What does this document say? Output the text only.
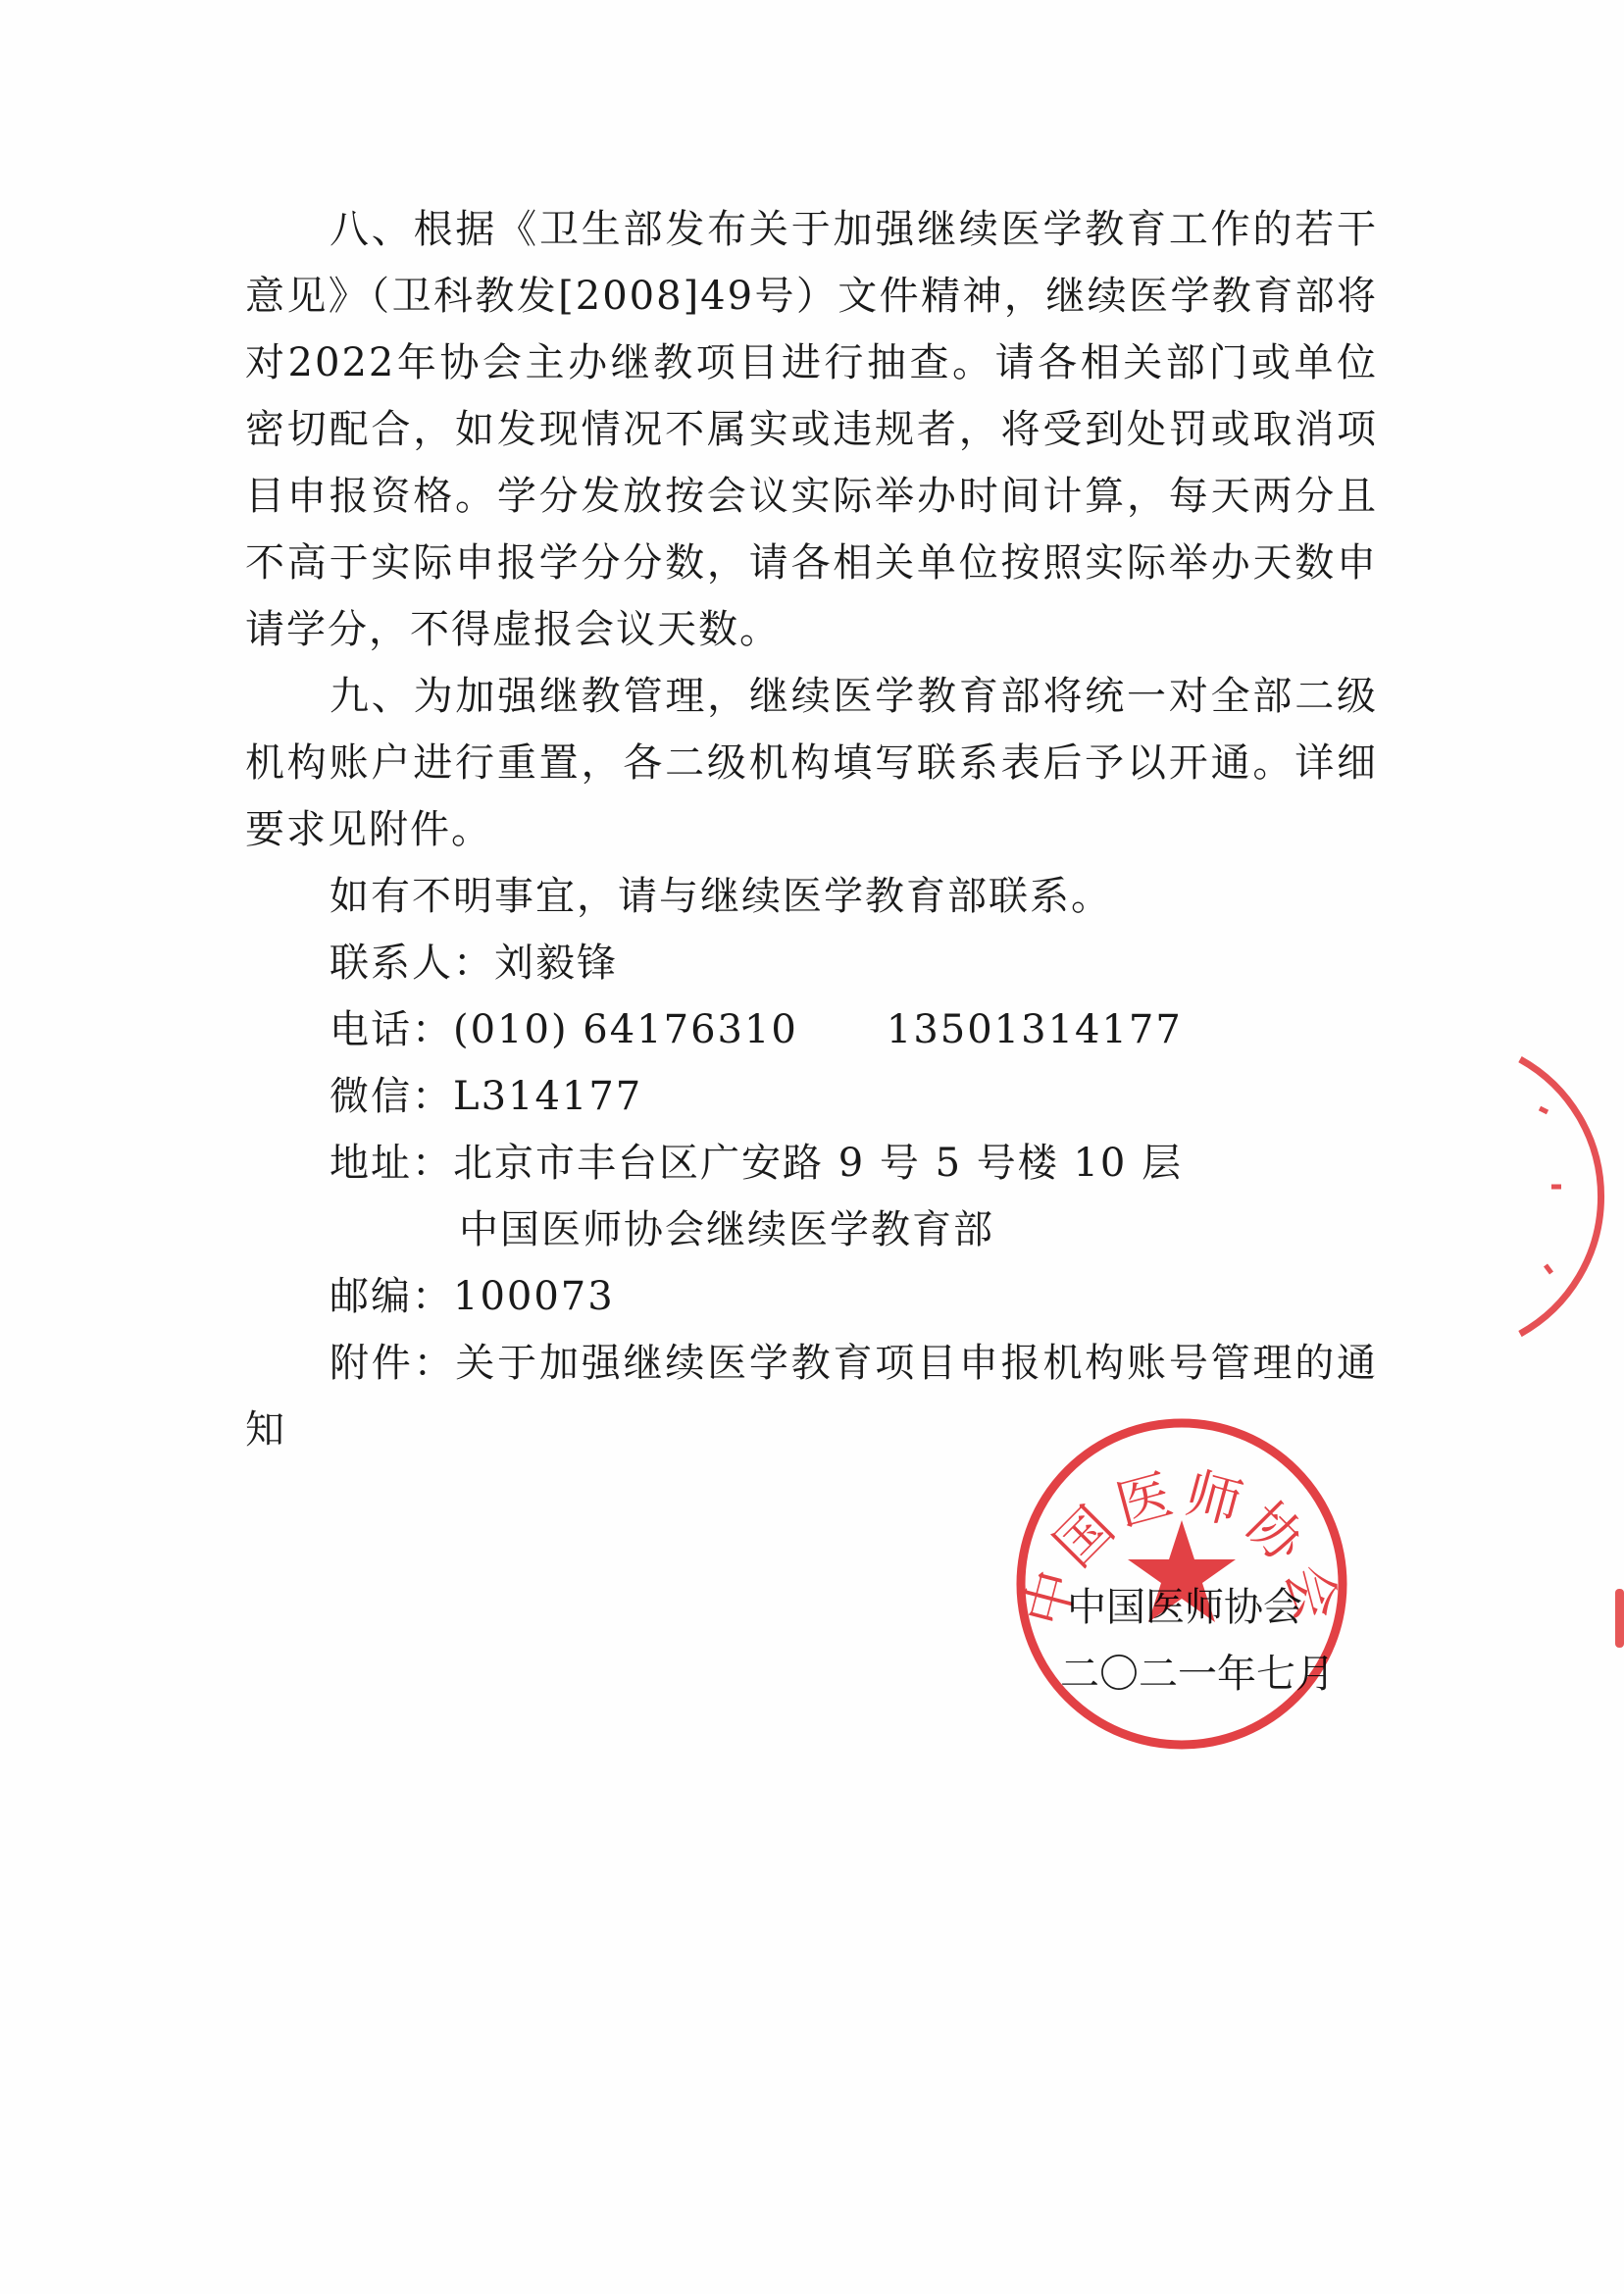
八、根据《卫生部发布关于加强继续医学教育工作的若干意见》（卫科教发[2008]49号）文件精神，继续医学教育部将对2022年协会主办继教项目进行抽查。请各相关部门或单位密切配合，如发现情况不属实或违规者，将受到处罚或取消项目申报资格。学分发放按会议实际举办时间计算，每天两分且不高于实际申报学分分数，请各相关单位按照实际举办天数申请学分，不得虚报会议天数。

九、为加强继教管理，继续医学教育部将统一对全部二级机构账户进行重置，各二级机构填写联系表后予以开通。详细要求见附件。

如有不明事宜，请与继续医学教育部联系。

联系人：刘毅锋

电话：(010) 64176310 13501314177

微信：L314177

地址：北京市丰台区广安路 9 号 5 号楼 10 层

中国医师协会继续医学教育部

邮编：100073

附件：关于加强继续医学教育项目申报机构账号管理的通知

中国医师协会

二〇二一年七月

中国医师协会
